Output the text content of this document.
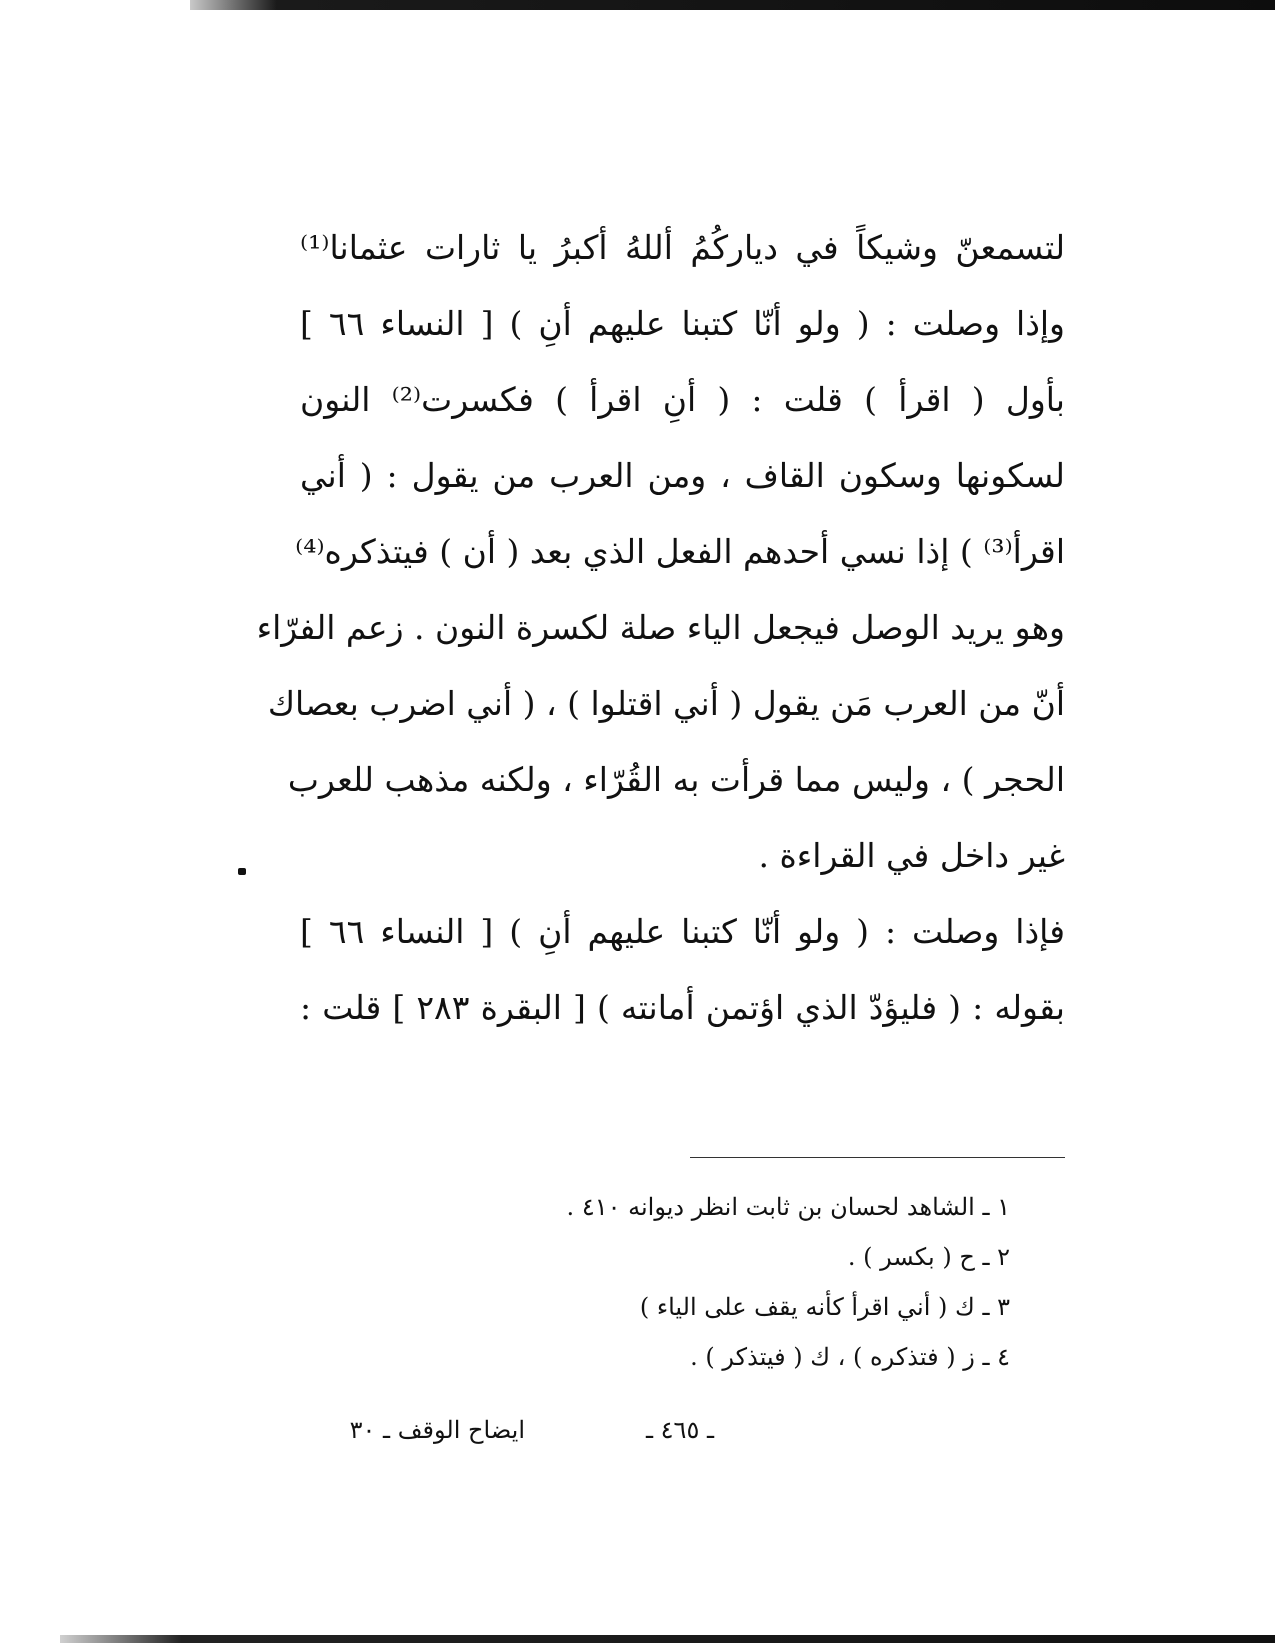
لتسمعنّ وشيكاً في دياركُمُ أللهُ أكبرُ يا ثارات عثمانا⁽¹⁾
وإذا وصلت : ( ولو أنّا كتبنا عليهم أنِ ) [ النساء ٦٦ ]
بأول ( اقرأ ) قلت : ( أنِ اقرأ ) فكسرت⁽²⁾ النون
لسكونها وسكون القاف ، ومن العرب من يقول : ( أني
اقرأ⁽³⁾ ) إذا نسي أحدهم الفعل الذي بعد ( أن ) فيتذكره⁽⁴⁾
وهو يريد الوصل فيجعل الياء صلة لكسرة النون . زعم الفرّاء
أنّ من العرب مَن يقول ( أني اقتلوا ) ، ( أني اضرب بعصاك
الحجر ) ، وليس مما قرأت به القُرّاء ، ولكنه مذهب للعرب
غير داخل في القراءة .
فإذا وصلت : ( ولو أنّا كتبنا عليهم أنِ ) [ النساء ٦٦ ]
بقوله : ( فليؤدّ الذي اؤتمن أمانته ) [ البقرة ٢٨٣ ] قلت :
١ ـ الشاهد لحسان بن ثابت انظر ديوانه ٤١٠ .
٢ ـ ح ( بكسر ) .
٣ ـ ك ( أني اقرأ كأنه يقف على الياء )
٤ ـ ز ( فتذكره ) ، ك ( فيتذكر ) .
ـ ٤٦٥ ـ
ايضاح الوقف ـ ٣٠
